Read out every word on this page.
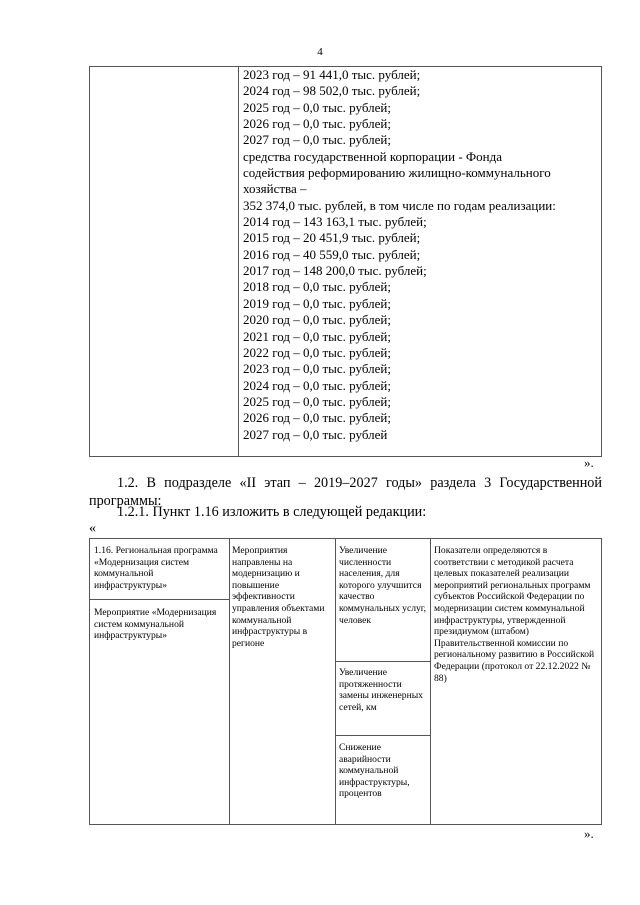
4
2023 год – 91 441,0 тыс. рублей;
2024 год – 98 502,0 тыс. рублей;
2025 год – 0,0 тыс. рублей;
2026 год – 0,0 тыс. рублей;
2027 год – 0,0 тыс. рублей;
средства государственной корпорации - Фонда
содействия реформированию жилищно-коммунального
хозяйства –
352 374,0 тыс. рублей, в том числе по годам реализации:
2014 год – 143 163,1 тыс. рублей;
2015 год – 20 451,9 тыс. рублей;
2016 год – 40 559,0 тыс. рублей;
2017 год – 148 200,0 тыс. рублей;
2018 год – 0,0 тыс. рублей;
2019 год – 0,0 тыс. рублей;
2020 год – 0,0 тыс. рублей;
2021 год – 0,0 тыс. рублей;
2022 год – 0,0 тыс. рублей;
2023 год – 0,0 тыс. рублей;
2024 год – 0,0 тыс. рублей;
2025 год – 0,0 тыс. рублей;
2026 год – 0,0 тыс. рублей;
2027 год – 0,0 тыс. рублей
».

1.2. В подразделе «II этап – 2019–2027 годы» раздела 3 Государственной программы:

1.2.1. Пункт 1.16 изложить в следующей редакции:

«
1.16. Региональная программа «Модернизация систем коммунальной инфраструктуры»
Мероприятие «Модернизация систем коммунальной инфраструктуры»
Мероприятия направлены на модернизацию и повышение эффективности управления объектами коммунальной инфраструктуры в регионе
Увеличение численности населения, для которого улучшится качество коммунальных услуг, человек
Увеличение протяженности замены инженерных сетей, км
Снижение аварийности коммунальной инфраструктуры, процентов
Показатели определяются в соответствии с методикой расчета целевых показателей реализации мероприятий региональных программ субъектов Российской Федерации по модернизации систем коммунальной инфраструктуры, утвержденной президиумом (штабом) Правительственной комиссии по региональному развитию в Российской Федерации (протокол от 22.12.2022 № 88)
».
